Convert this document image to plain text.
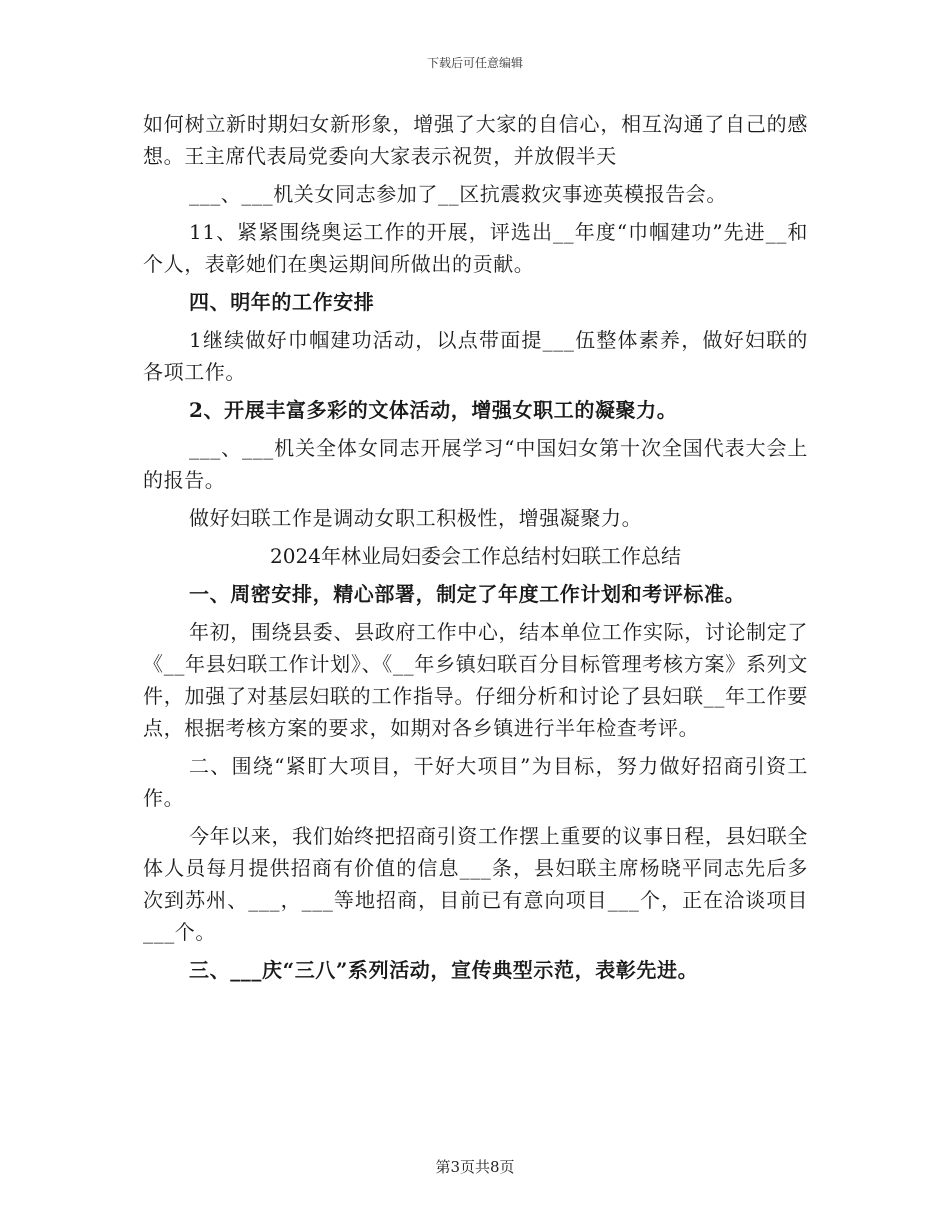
下载后可任意编辑

如何树立新时期妇女新形象，增强了大家的自信心，相互沟通了自己的感想。王主席代表局党委向大家表示祝贺，并放假半天

___、___机关女同志参加了__区抗震救灾事迹英模报告会。

11、紧紧围绕奥运工作的开展，评选出__年度“巾帼建功”先进__和个人，表彰她们在奥运期间所做出的贡献。

四、明年的工作安排

1继续做好巾帼建功活动，以点带面提___伍整体素养，做好妇联的各项工作。

2、开展丰富多彩的文体活动，增强女职工的凝聚力。

___、___机关全体女同志开展学习“中国妇女第十次全国代表大会上的报告。

做好妇联工作是调动女职工积极性，增强凝聚力。

2024年林业局妇委会工作总结村妇联工作总结

一、周密安排，精心部署，制定了年度工作计划和考评标准。

年初，围绕县委、县政府工作中心，结本单位工作实际，讨论制定了《__年县妇联工作计划》、《__年乡镇妇联百分目标管理考核方案》系列文件，加强了对基层妇联的工作指导。仔细分析和讨论了县妇联__年工作要点，根据考核方案的要求，如期对各乡镇进行半年检查考评。

二、围绕“紧盯大项目，干好大项目”为目标，努力做好招商引资工作。

今年以来，我们始终把招商引资工作摆上重要的议事日程，县妇联全体人员每月提供招商有价值的信息___条，县妇联主席杨晓平同志先后多次到苏州、___，___等地招商，目前已有意向项目___个，正在洽谈项目___个。

三、___庆“三八”系列活动，宣传典型示范，表彰先进。

第3页共8页
